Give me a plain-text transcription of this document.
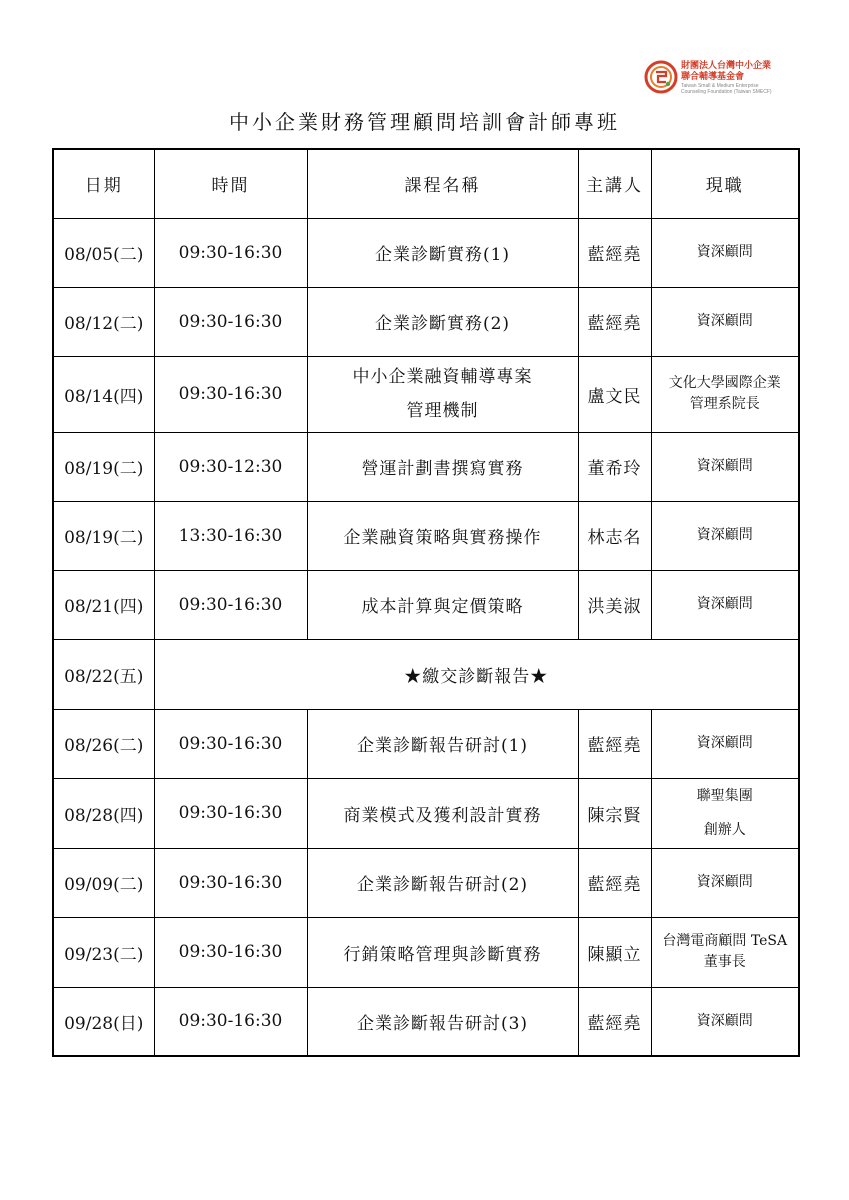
財團法人台灣中小企業
聯合輔導基金會
Taiwan Small & Medium Enterprise
Counseling Foundation (Taiwan SMECF)
中小企業財務管理顧問培訓會計師專班
日期	時間	課程名稱	主講人	現職
08/05(二)	09:30-16:30	企業診斷實務(1)	藍經堯	資深顧問

08/12(二)	09:30-16:30	企業診斷實務(2)	藍經堯	資深顧問

08/14(四)	09:30-16:30	中小企業融資輔導專案
管理機制	盧文民	文化大學國際企業
管理系院長

08/19(二)	09:30-12:30	營運計劃書撰寫實務	董希玲	資深顧問

08/19(二)	13:30-16:30	企業融資策略與實務操作	林志名	資深顧問

08/21(四)	09:30-16:30	成本計算與定價策略	洪美淑	資深顧問

08/22(五)	★繳交診斷報告★			
08/26(二)	09:30-16:30	企業診斷報告研討(1)	藍經堯	資深顧問

08/28(四)	09:30-16:30	商業模式及獲利設計實務	陳宗賢	聯聖集團
創辦人

09/09(二)	09:30-16:30	企業診斷報告研討(2)	藍經堯	資深顧問

09/23(二)	09:30-16:30	行銷策略管理與診斷實務	陳顯立	台灣電商顧問 TeSA
董事長

09/28(日)	09:30-16:30	企業診斷報告研討(3)	藍經堯	資深顧問
